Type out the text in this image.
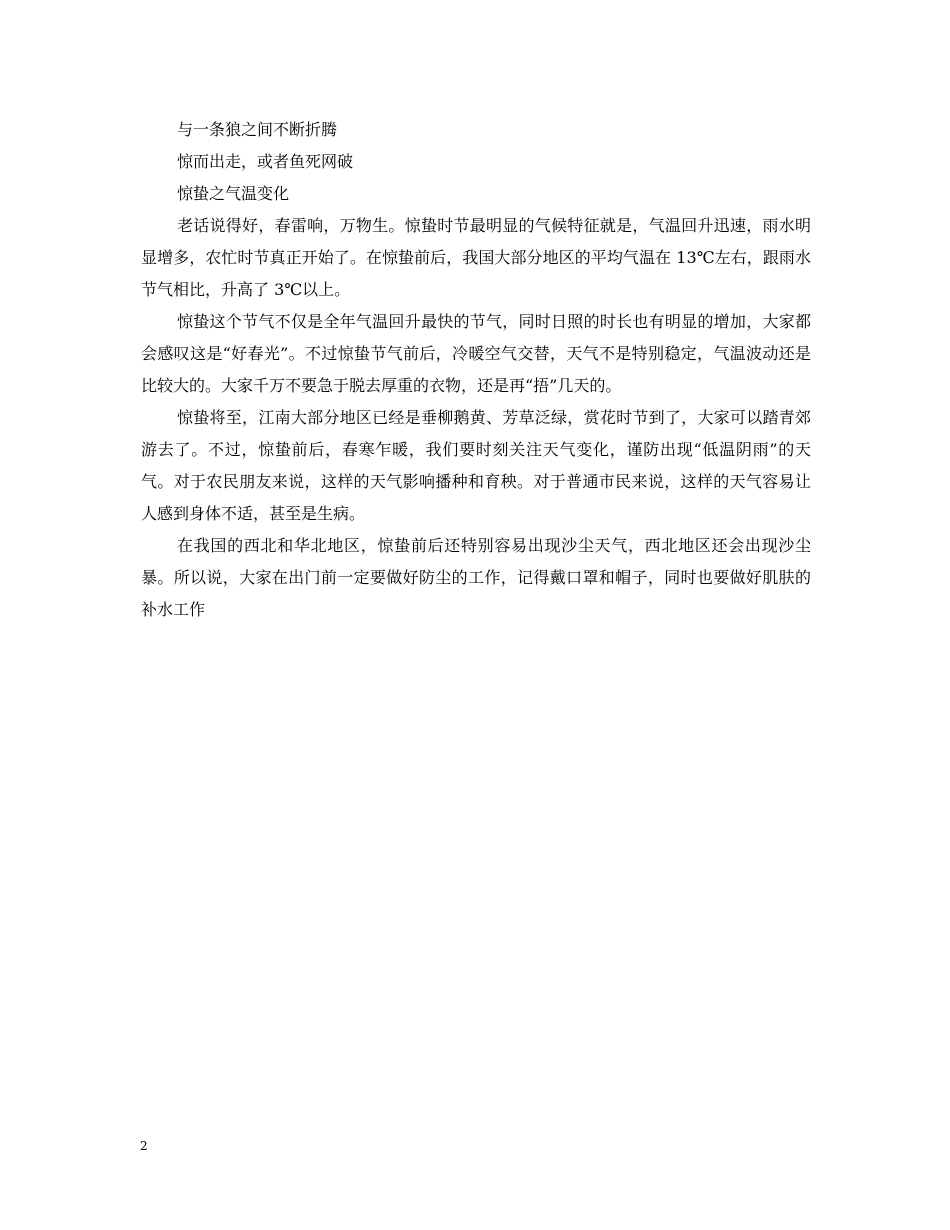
与一条狼之间不断折腾

惊而出走，或者鱼死网破

惊蛰之气温变化

老话说得好，春雷响，万物生。惊蛰时节最明显的气候特征就是，气温回升迅速，雨水明显增多，农忙时节真正开始了。在惊蛰前后，我国大部分地区的平均气温在 13℃左右，跟雨水节气相比，升高了 3℃以上。

惊蛰这个节气不仅是全年气温回升最快的节气，同时日照的时长也有明显的增加，大家都会感叹这是“好春光”。不过惊蛰节气前后，冷暖空气交替，天气不是特别稳定，气温波动还是比较大的。大家千万不要急于脱去厚重的衣物，还是再“捂”几天的。

惊蛰将至，江南大部分地区已经是垂柳鹅黄、芳草泛绿，赏花时节到了，大家可以踏青郊游去了。不过，惊蛰前后，春寒乍暖，我们要时刻关注天气变化，谨防出现“低温阴雨”的天气。对于农民朋友来说，这样的天气影响播种和育秧。对于普通市民来说，这样的天气容易让人感到身体不适，甚至是生病。

在我国的西北和华北地区，惊蛰前后还特别容易出现沙尘天气，西北地区还会出现沙尘暴。所以说，大家在出门前一定要做好防尘的工作，记得戴口罩和帽子，同时也要做好肌肤的补水工作

2
